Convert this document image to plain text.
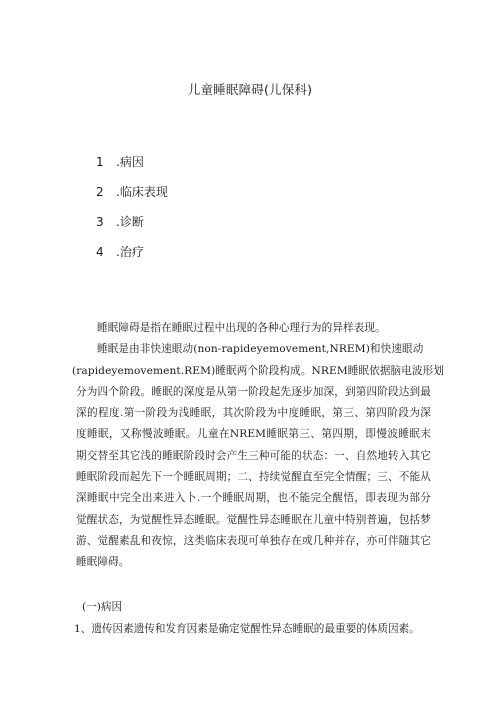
儿童睡眠障碍(儿保科)
1	.病因
2	.临床表现
3	.诊断
4	.治疗

睡眠障碍是指在睡眠过程中出现的各种心理行为的异样表现。

睡眠是由非快速眼动(non-rapideyemovement,NREM)和快速眼动
(rapideyemovement.REM)睡眠两个阶段构成。NREM睡眠依据脑电波形划
分为四个阶段。睡眠的深度是从第一阶段起先逐步加深，到第四阶段达到最深的程度.第一阶段为浅睡眠，其次阶段为中度睡眠，第三、第四阶段为深度睡眠，又称慢波睡眠。儿童在NREM睡眠第三、第四期，即慢波睡眠末期交替至其它浅的睡眠阶段时会产生三种可能的状态：一、自然地转入其它睡眠阶段而起先下一个睡眠周期；二、持续觉醒直至完全情醒；三、不能从深睡眠中完全出来进入卜.一个睡眠周期，也不能完全醒悟，即表现为部分觉醒状态，为觉醒性异态睡眠。觉醒性异态睡眠在儿童中特别普遍，包括梦游、觉醒素乱和夜惊，这类临床表现可单独存在或几种并存，亦可伴随其它睡眠障碍。

(一)病因
1、遗传因素遗传和发育因素是确定觉醒性异态睡眠的最重要的体质因素。
